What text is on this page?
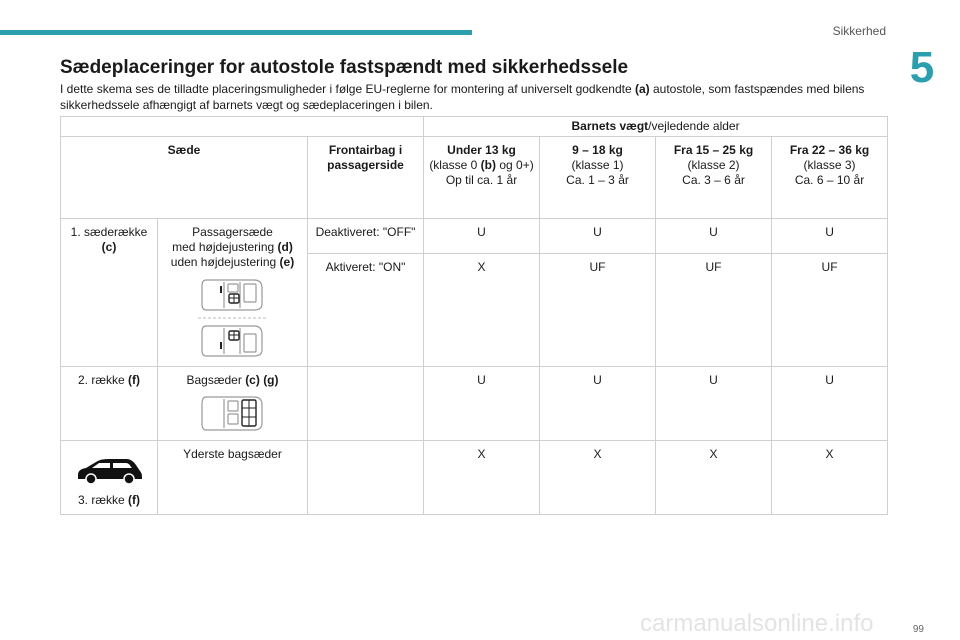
Sikkerhed
5
Sædeplaceringer for autostole fastspændt med sikkerhedssele

I dette skema ses de tilladte placeringsmuligheder i følge EU-reglerne for montering af universelt godkendte (a) autostole, som fastspændes med bilens sikkerhedssele afhængigt af barnets vægt og sædeplaceringen i bilen.

			Barnets vægt/vejledende alder			
Sæde		Frontairbag i passagerside	Under 13 kg
(klasse 0 (b) og 0+)
Op til ca. 1 år	9 – 18 kg
(klasse 1)
Ca. 1 – 3 år	Fra 15 – 25 kg
(klasse 2)
Ca. 3 – 6 år	Fra 22 – 36 kg
(klasse 3)
Ca. 6 – 10 år
1. sæderække
(c)	Passagersæde
med højdejustering (d)
uden højdejustering (e)	Deaktiveret: "OFF"	U	U	U	U
		Aktiveret: "ON"	X	UF	UF	UF
2. række (f)	Bagsæder (c) (g)		U	U	U	U

3. række (f)	Yderste bagsæder		X	X	X	X
carmanualsonline.info	99
